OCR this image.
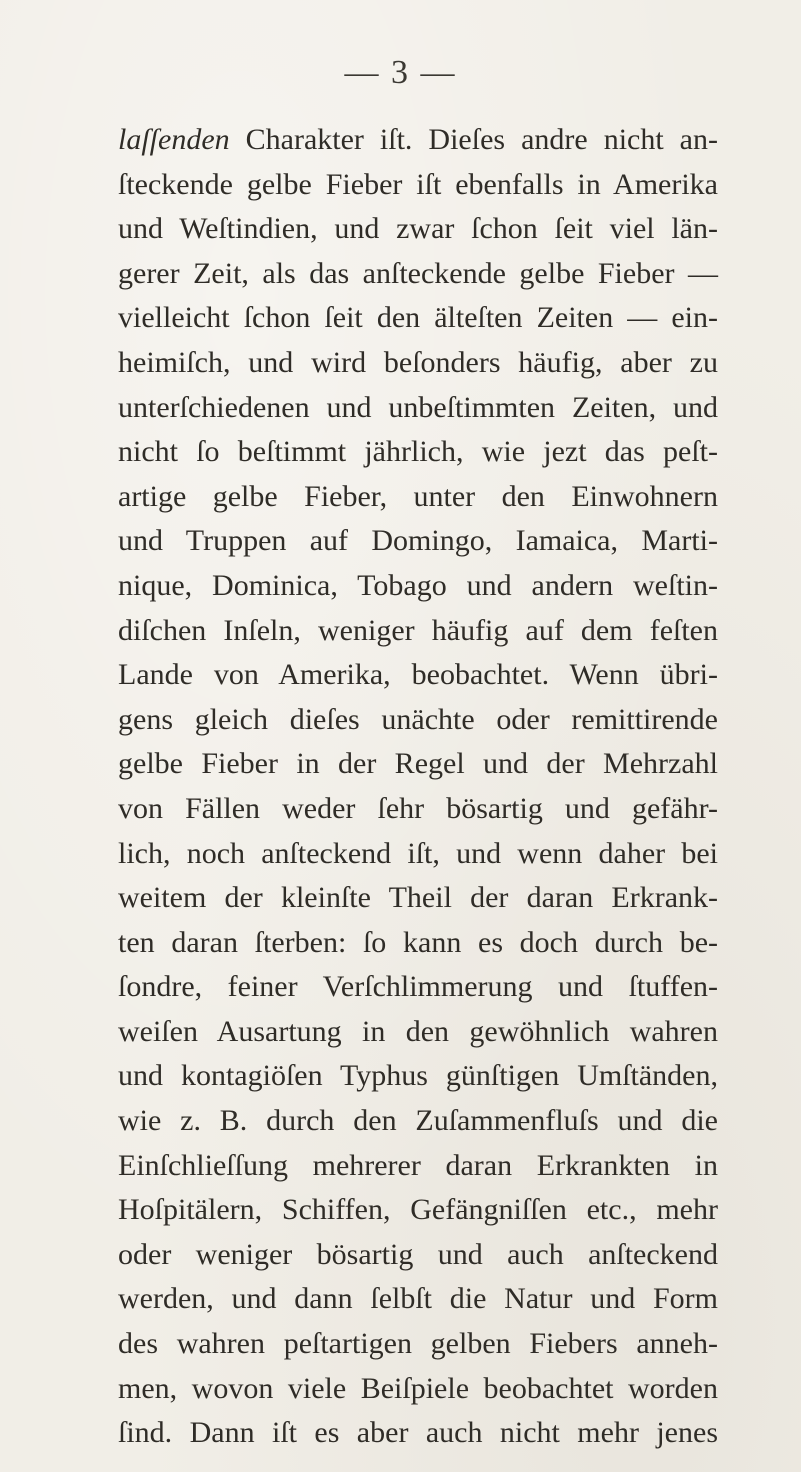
— 3 —
laſſenden Charakter iſt. Dieſes andre nicht an-
ſteckende gelbe Fieber iſt ebenfalls in Amerika
und Weſtindien, und zwar ſchon ſeit viel län-
gerer Zeit, als das anſteckende gelbe Fieber —
vielleicht ſchon ſeit den älteſten Zeiten — ein-
heimiſch, und wird beſonders häufig, aber zu
unterſchiedenen und unbeſtimmten Zeiten, und
nicht ſo beſtimmt jährlich, wie jezt das peſt-
artige gelbe Fieber, unter den Einwohnern
und Truppen auf Domingo, Iamaica, Marti-
nique, Dominica, Tobago und andern weſtin-
diſchen Inſeln, weniger häufig auf dem feſten
Lande von Amerika, beobachtet. Wenn übri-
gens gleich dieſes unächte oder remittirende
gelbe Fieber in der Regel und der Mehrzahl
von Fällen weder ſehr bösartig und gefähr-
lich, noch anſteckend iſt, und wenn daher bei
weitem der kleinſte Theil der daran Erkrank-
ten daran ſterben: ſo kann es doch durch be-
ſondre, feiner Verſchlimmerung und ſtuffen-
weiſen Ausartung in den gewöhnlich wahren
und kontagiöſen Typhus günſtigen Umſtänden,
wie z. B. durch den Zuſammenfluſs und die
Einſchlieſſung mehrerer daran Erkrankten in
Hoſpitälern, Schiffen, Gefängniſſen etc., mehr
oder weniger bösartig und auch anſteckend
werden, und dann ſelbſt die Natur und Form
des wahren peſtartigen gelben Fiebers anneh-
men, wovon viele Beiſpiele beobachtet worden
ſind. Dann iſt es aber auch nicht mehr jenes
